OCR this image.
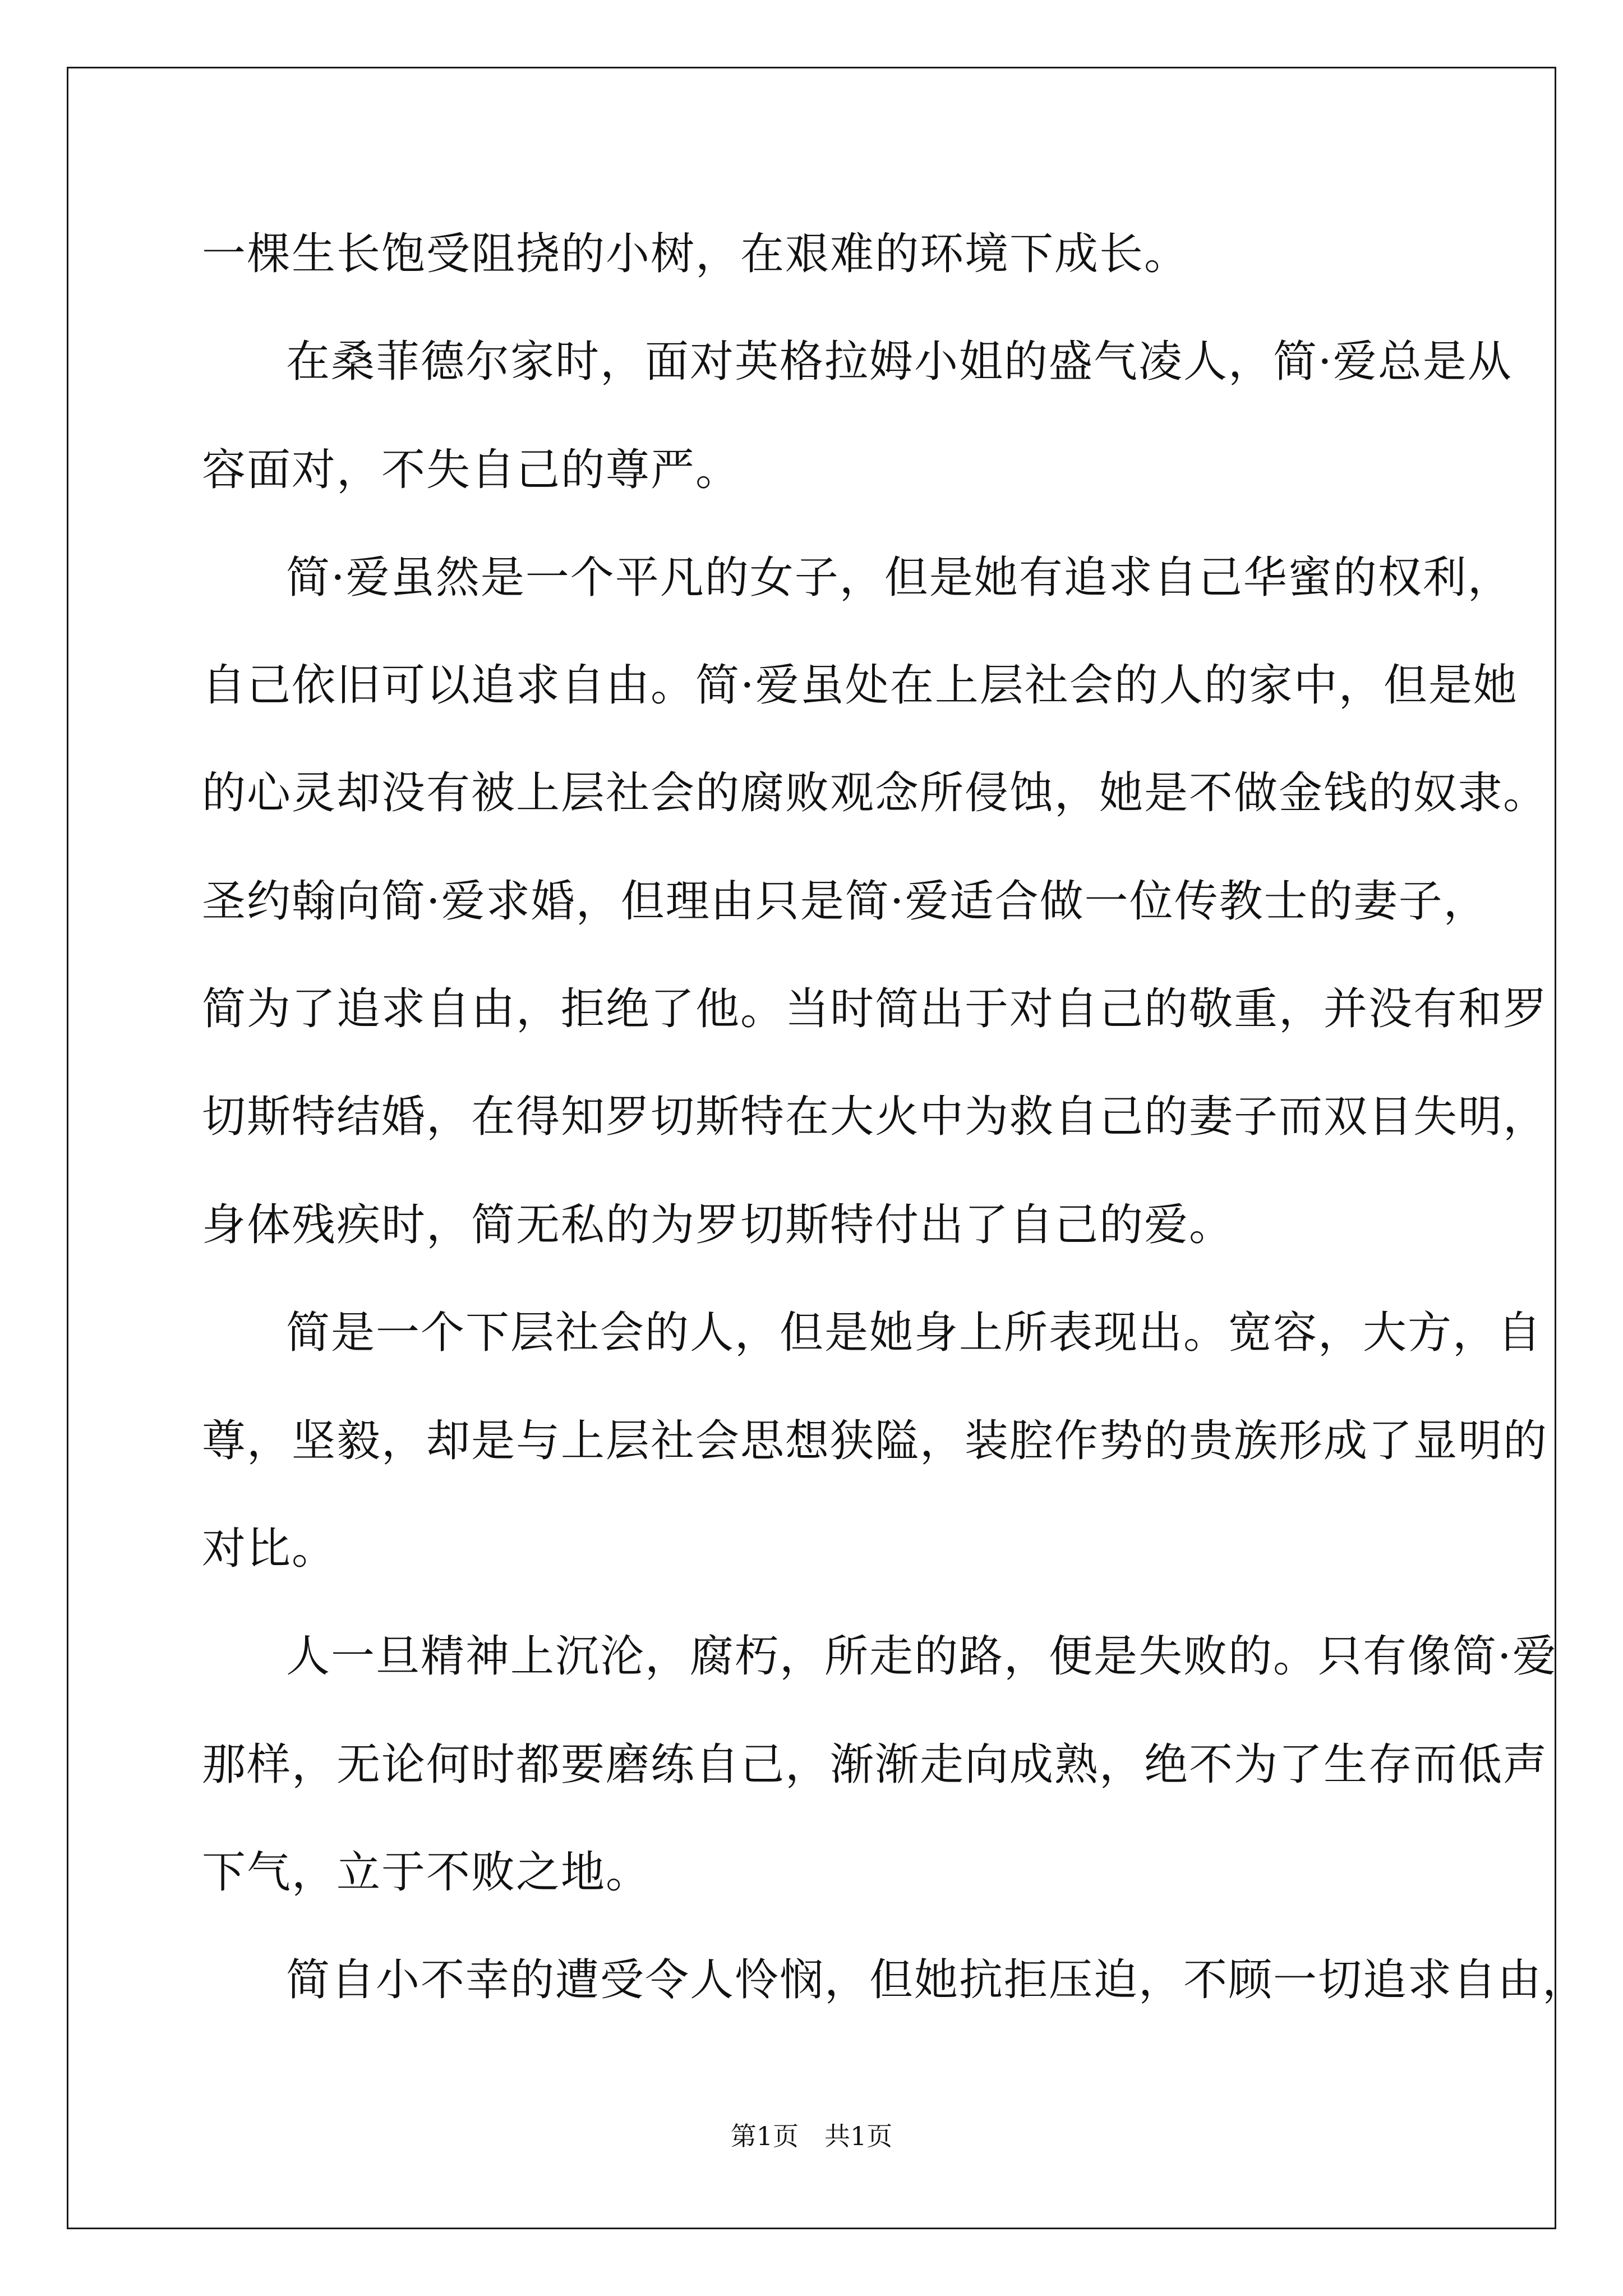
一棵生长饱受阻挠的小树，在艰难的环境下成长。
在桑菲德尔家时，面对英格拉姆小姐的盛气凌人，简·爱总是从
容面对，不失自己的尊严。
简·爱虽然是一个平凡的女子，但是她有追求自己华蜜的权利，
自己依旧可以追求自由。简·爱虽处在上层社会的人的家中，但是她
的心灵却没有被上层社会的腐败观念所侵蚀，她是不做金钱的奴隶。
圣约翰向简·爱求婚，但理由只是简·爱适合做一位传教士的妻子，
简为了追求自由，拒绝了他。当时简出于对自己的敬重，并没有和罗
切斯特结婚，在得知罗切斯特在大火中为救自己的妻子而双目失明，
身体残疾时，简无私的为罗切斯特付出了自己的爱。
简是一个下层社会的人，但是她身上所表现出。宽容，大方，自
尊，坚毅，却是与上层社会思想狭隘，装腔作势的贵族形成了显明的
对比。
人一旦精神上沉沦，腐朽，所走的路，便是失败的。只有像简·爱
那样，无论何时都要磨练自己，渐渐走向成熟，绝不为了生存而低声
下气，立于不败之地。
简自小不幸的遭受令人怜悯，但她抗拒压迫，不顾一切追求自由，
第1页　共1页
